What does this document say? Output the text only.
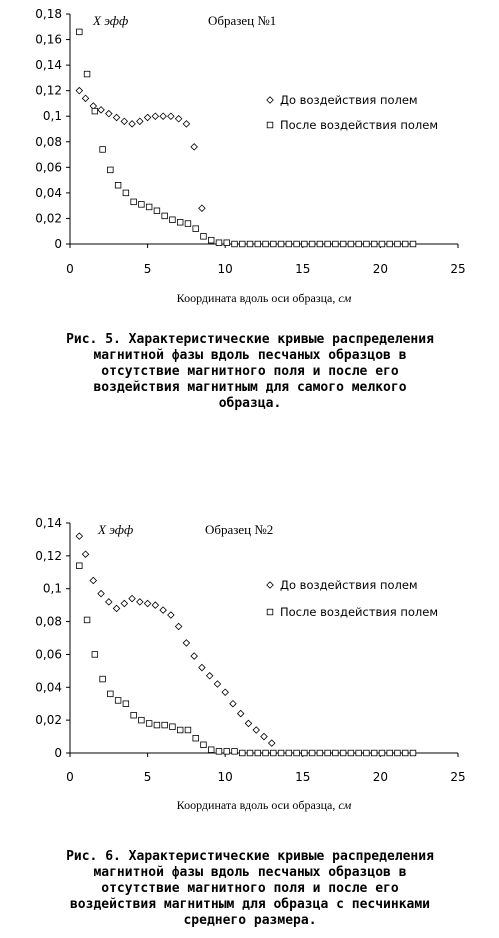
0
0,02
0,04
0,06
0,08
0,1
0,12
0,14
0,16
0,18
0	5	10	15	20	25
Образец №1
Х эфф
Координата вдоль оси образца, см
До воздействия полем
После воздействия полем
Рис. 5. Характеристические кривые распределения
магнитной фазы вдоль песчаных образцов в
отсутствие магнитного поля и после его
воздействия магнитным для самого мелкого
образца.
0
0,02
0,04
0,06
0,08
0,1
0,12
0,14
0	5	10	15	20	25
Образец №2
Х эфф
Координата вдоль оси образца, см
До воздействия полем
После воздействия полем
Рис. 6. Характеристические кривые распределения
магнитной фазы вдоль песчаных образцов в
отсутствие магнитного поля и после его
воздействия магнитным для образца с песчинками
среднего размера.
